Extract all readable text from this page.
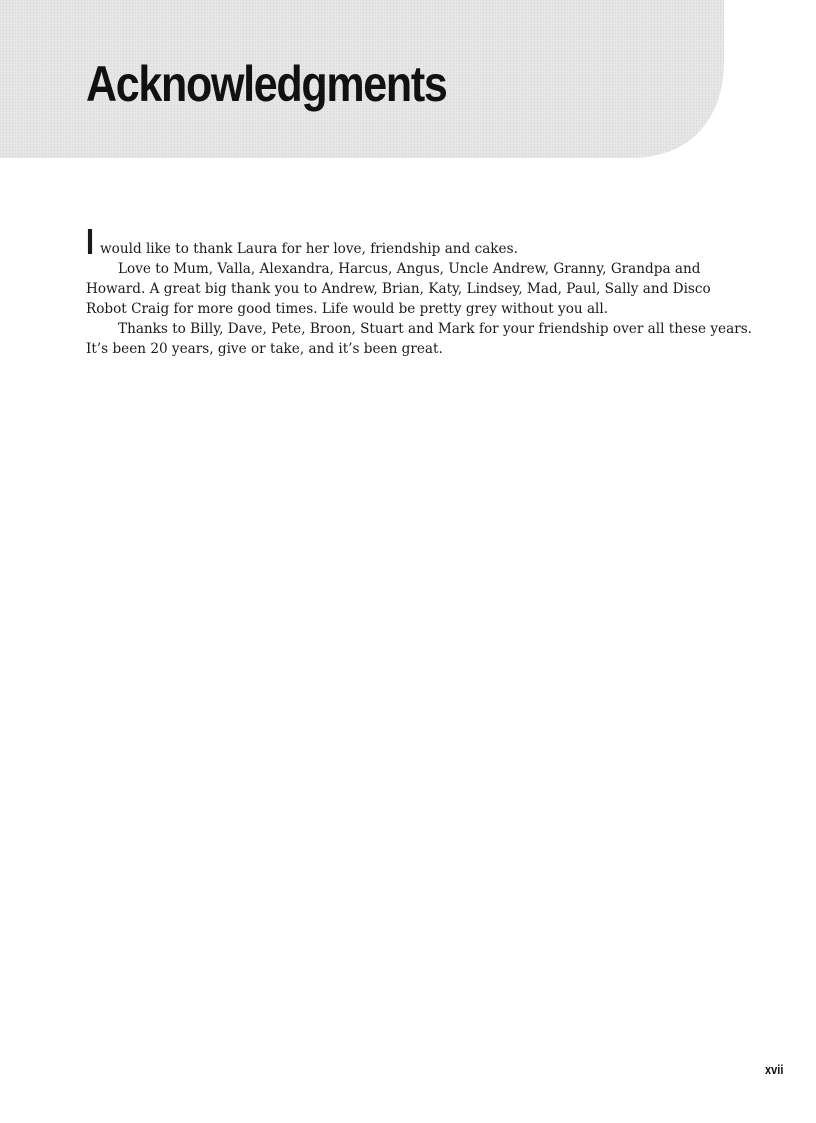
Acknowledgments

Iwould like to thank Laura for her love, friendship and cakes.

Love to Mum, Valla, Alexandra, Harcus, Angus, Uncle Andrew, Granny, Grandpa and

Howard. A great big thank you to Andrew, Brian, Katy, Lindsey, Mad, Paul, Sally and Disco

Robot Craig for more good times. Life would be pretty grey without you all.

Thanks to Billy, Dave, Pete, Broon, Stuart and Mark for your friendship over all these years.

It’s been 20 years, give or take, and it’s been great.

xvii
